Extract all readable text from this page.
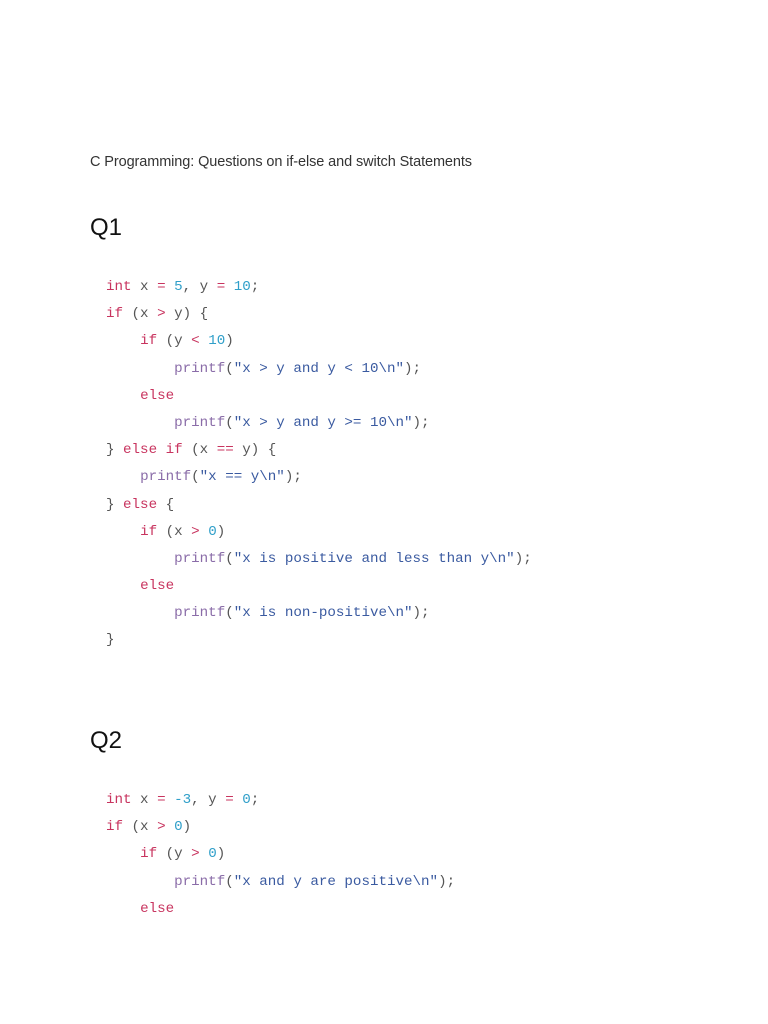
C Programming: Questions on if-else and switch Statements
Q1
int x = 5, y = 10;
if (x > y) {
if (y < 10)
printf("x > y and y < 10\n");
else
printf("x > y and y >= 10\n");
} else if (x == y) {
printf("x == y\n");
} else {
if (x > 0)
printf("x is positive and less than y\n");
else
printf("x is non-positive\n");
}
Q2
int x = -3, y = 0;
if (x > 0)
if (y > 0)
printf("x and y are positive\n");
else
